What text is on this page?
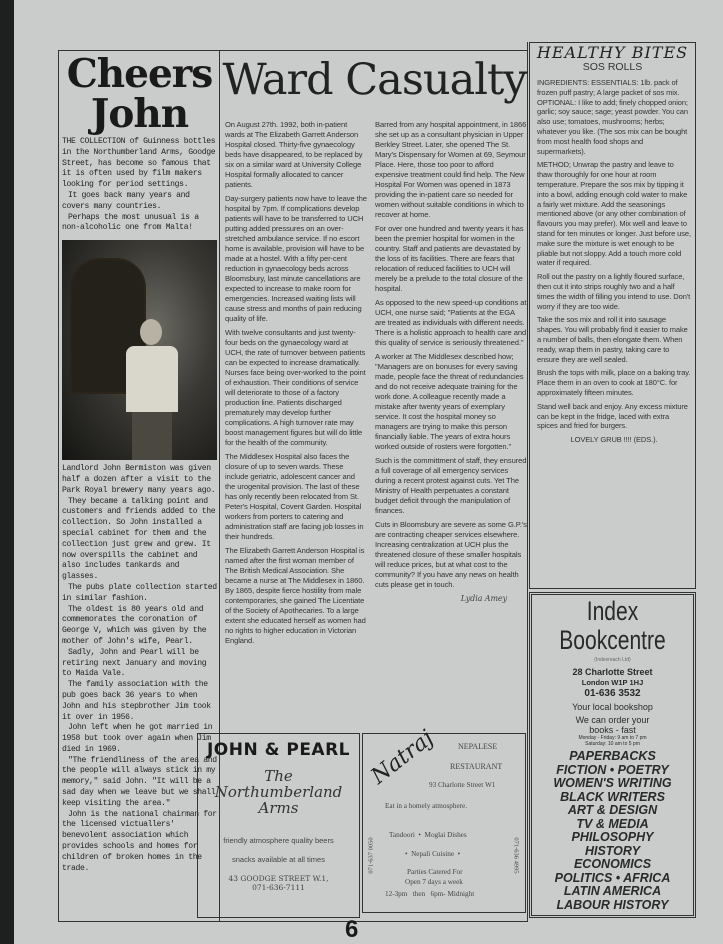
Cheers
John

THE COLLECTION of Guinness bottles in the Northumberland Arms, Goodge Street, has become so famous that it is often used by film makers looking for period settings.

It goes back many years and covers many countries.

Perhaps the most unusual is a non-alcoholic one from Malta!

Landlord John Bermiston was given half a dozen after a visit to the Park Royal brewery many years ago.

They became a talking point and customers and friends added to the collection. So John installed a special cabinet for them and the collection just grew and grew. It now overspills the cabinet and also includes tankards and glasses.

The pubs plate collection started in similar fashion.

The oldest is 80 years old and commemorates the coronation of George V, which was given by the mother of John's wife, Pearl.

Sadly, John and Pearl will be retiring next January and moving to Maida Vale.

The family association with the pub goes back 36 years to when John and his stepbrother Jim took it over in 1956.

John left when he got married in 1958 but took over again when Jim died in 1969.

"The friendliness of the area and the people will always stick in my memory," said John. "It will be a sad day when we leave but we shall keep visiting the area."

John is the national chairman for the licensed victuallers' benevolent association which provides schools and homes for children of broken homes in the trade.

Ward Casualty

On August 27th. 1992, both in-patient wards at The Elizabeth Garrett Anderson Hospital closed. Thirty-five gynaecology beds have disappeared, to be replaced by six on a similar ward at University College Hospital formally allocated to cancer patients.

Day-surgery patients now have to leave the hospital by 7pm. If complications develop patients will have to be transferred to UCH putting added pressures on an over-stretched ambulance service. If no escort home is available, provision will have to be made at a hostel. With a fifty per-cent reduction in gynaecology beds across Bloomsbury, last minute cancellations are expected to increase to make room for emergencies. Increased waiting lists will cause stress and months of pain reducing quality of life.

With twelve consultants and just twenty-four beds on the gynaecology ward at UCH, the rate of turnover between patients can be expected to increase dramatically. Nurses face being over-worked to the point of exhaustion. Their conditions of service will deteriorate to those of a factory production line. Patients discharged prematurely may develop further complications. A high turnover rate may boost management figures but will do little for the health of the community.

The Middlesex Hospital also faces the closure of up to seven wards. These include geriatric, adolescent cancer and the urogenital provision. The last of these has only recently been relocated from St. Peter's Hospital, Covent Garden. Hospital workers from porters to catering and administration staff are facing job losses in their hundreds.

The Elizabeth Garrett Anderson Hospital is named after the first woman member of The British Medical Association. She became a nurse at The Middlesex in 1860. By 1865, despite fierce hostility from male contemporaries, she gained The Licentiate of the Society of Apothecaries. To a large extent she educated herself as women had no rights to higher education in Victorian England.

Barred from any hospital appointment, in 1866 she set up as a consultant physician in Upper Berkley Street. Later, she opened The St. Mary's Dispensary for Women at 69, Seymour Place. Here, those too poor to afford expensive treatment could find help. The New Hospital For Women was opened in 1873 providing the in-patient care so needed for women without suitable conditions in which to recover at home.

For over one hundred and twenty years it has been the premier hospital for women in the country. Staff and patients are devastated by the loss of its facilities. There are fears that relocation of reduced facilities to UCH will merely be a prelude to the total closure of the hospital.

As opposed to the new speed-up conditions at UCH, one nurse said; "Patients at the EGA are treated as individuals with different needs. There is a holistic approach to health care and this quality of service is seriously threatened."

A worker at The Middlesex described how; "Managers are on bonuses for every saving made, people face the threat of redundancies and do not receive adequate training for the work done. A colleague recently made a mistake after twenty years of exemplary service. It cost the hospital money so managers are trying to make this person financially liable. The years of extra hours worked outside of rosters were forgotten."

Such is the committment of staff, they ensured a full coverage of all emergency services during a recent protest against cuts. Yet The Ministry of Health perpetuates a constant budget deficit through the manipulation of finances.

Cuts in Bloomsbury are severe as some G.P.'s are contracting cheaper services elsewhere. Increasing centralization at UCH plus the threatened closure of these smaller hospitals will reduce prices, but at what cost to the community? If you have any news on health cuts please get in touch.

Lydia Amey
JOHN & PEARL
The
Northumberland
Arms
friendly atmosphere quality beers
snacks available at all times
43 GOODGE STREET W.1,
071-636-7111
Natraj NEPALESE
RESTAURANT
93 Charlotte Street W1
Eat in a homely atmosphere.
Tandoori  •  Moglai Dishes
•  Nepali Cuisine  •
Parties Catered For
Open 7 days a week
12-3pm   then   6pm- Midnight
071-637 0050	071-636 4995
HEALTHY BITES
SOS ROLLS

INGREDIENTS: ESSENTIALS: 1lb. pack of frozen puff pastry; A large packet of sos mix. OPTIONAL: I like to add; finely chopped onion; garlic; soy sauce; sage; yeast powder. You can also use; tomatoes, mushrooms; herbs; whatever you like. (The sos mix can be bought from most health food shops and supermarkets).

METHOD; Unwrap the pastry and leave to thaw thoroughly for one hour at room temperature. Prepare the sos mix by tipping it into a bowl, adding enough cold water to make a fairly wet mixture. Add the seasonings mentioned above (or any other combination of flavours you may prefer). Mix well and leave to stand for ten minutes or longer. Just before use, make sure the mixture is wet enough to be pliable but not sloppy. Add a touch more cold water if required.

Roll out the pastry on a lightly floured surface, then cut it into strips roughly two and a half times the width of filling you intend to use. Don't worry if they are too wide.

Take the sos mix and roll it into sausage shapes. You will probably find it easier to make a number of balls, then elongate them. When ready, wrap them in pastry, taking care to ensure they are well sealed.

Brush the tops with milk, place on a baking tray. Place them in an oven to cook at 180°C. for approximately fifteen minutes.

Stand well back and enjoy. Any excess mixture can be kept in the fridge, laced with extra spices and fried for burgers.

LOVELY GRUB !!!! (EDS.).
Index
Bookcentre
(Indexreach Ltd)
28 Charlotte Street
London W1P 1HJ
01-636 3532
Your local bookshop
We can order your
books - fast
Monday - Friday: 9 am to 7 pm
Saturday: 10 am to 5 pm
PAPERBACKS
FICTION • POETRY
WOMEN'S WRITING
BLACK WRITERS
ART & DESIGN
TV & MEDIA
PHILOSOPHY
HISTORY
ECONOMICS
POLITICS • AFRICA
LATIN AMERICA
LABOUR HISTORY
6
